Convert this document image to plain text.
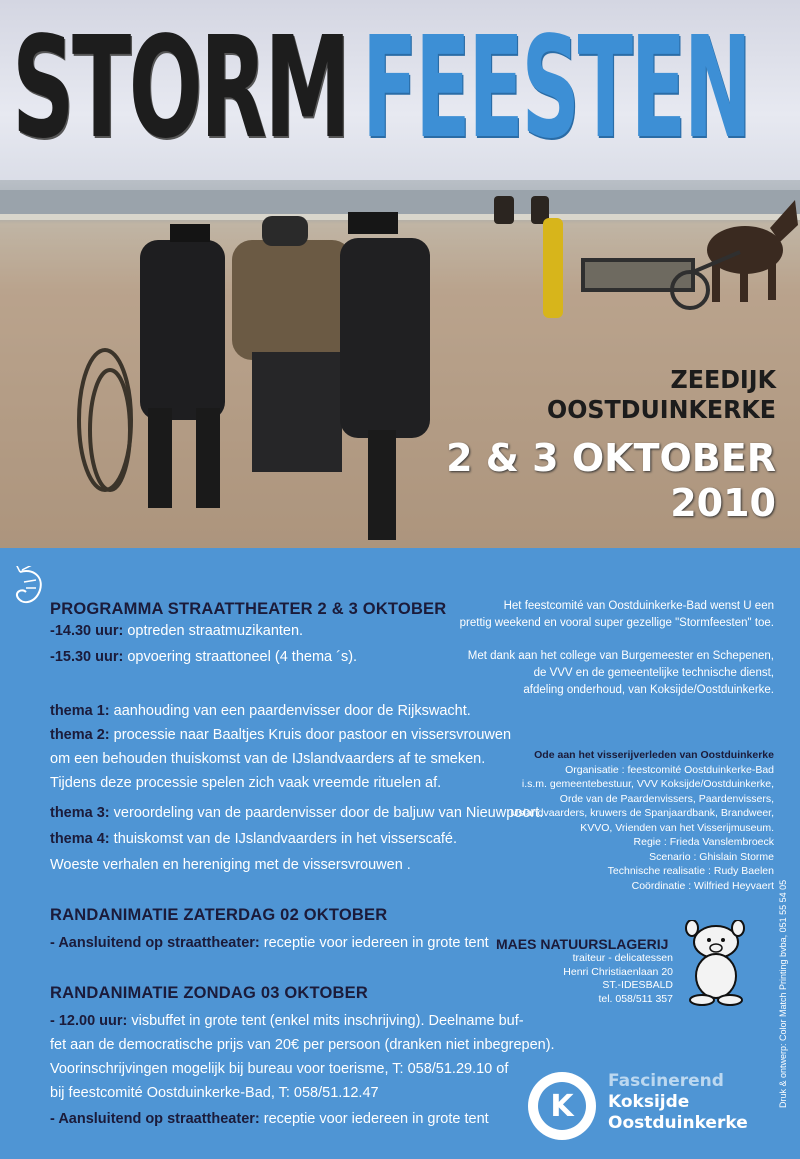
STORM FEESTEN
ZEEDIJK
OOSTDUINKERKE
2 & 3 OKTOBER
2010
PROGRAMMA STRAATTHEATER 2 & 3 OKTOBER
-14.30 uur: optreden straatmuzikanten.
-15.30 uur: opvoering straattoneel (4 thema ´s).
thema 1: aanhouding van een paardenvisser door de Rijkswacht.
thema 2: processie naar Baaltjes Kruis door pastoor en vissersvrouwen
om een behouden thuiskomst van de IJslandvaarders af te smeken.
Tijdens deze processie spelen zich vaak vreemde rituelen af.
thema 3: veroordeling van de paardenvisser door de baljuw van Nieuwpoort.
thema 4: thuiskomst van de IJslandvaarders in het visserscafé.
Woeste verhalen en hereniging met de vissersvrouwen .
RANDANIMATIE ZATERDAG 02 OKTOBER
- Aansluitend op straattheater: receptie voor iedereen in grote tent
RANDANIMATIE ZONDAG 03 OKTOBER
- 12.00 uur: visbuffet in grote tent (enkel mits inschrijving). Deelname buf-
fet aan de democratische prijs van 20€ per persoon (dranken niet inbegrepen).
Voorinschrijvingen mogelijk bij bureau voor toerisme, T: 058/51.29.10 of
bij feestcomité Oostduinkerke-Bad, T: 058/51.12.47
- Aansluitend op straattheater: receptie voor iedereen in grote tent
Het feestcomité van Oostduinkerke-Bad wenst U een
prettig weekend en vooral super gezellige "Stormfeesten" toe.
Met dank aan het college van Burgemeester en Schepenen,
de VVV en de gemeentelijke technische dienst,
afdeling onderhoud, van Koksijde/Oostduinkerke.
Ode aan het visserijverleden van Oostduinkerke
Organisatie : feestcomité Oostduinkerke-Bad
i.s.m. gemeentebestuur, VVV Koksijde/Oostduinkerke,
Orde van de Paardenvissers, Paardenvissers,
IJslandvaarders, kruwers de Spanjaardbank, Brandweer,
KVVO, Vrienden van het Visserijmuseum.
Regie : Frieda Vanslembroeck
Scenario : Ghislain Storme
Technische realisatie : Rudy Baelen
Coördinatie : Wilfried Heyvaert
MAES NATUURSLAGERIJ
traiteur - delicatessen
Henri Christiaenlaan 20
ST.-IDESBALD
tel. 058/511 357	Druk & ontwerp: Color Match Printing bvba, 051 55 54 05
K
Fascinerend
Koksijde
Oostduinkerke
